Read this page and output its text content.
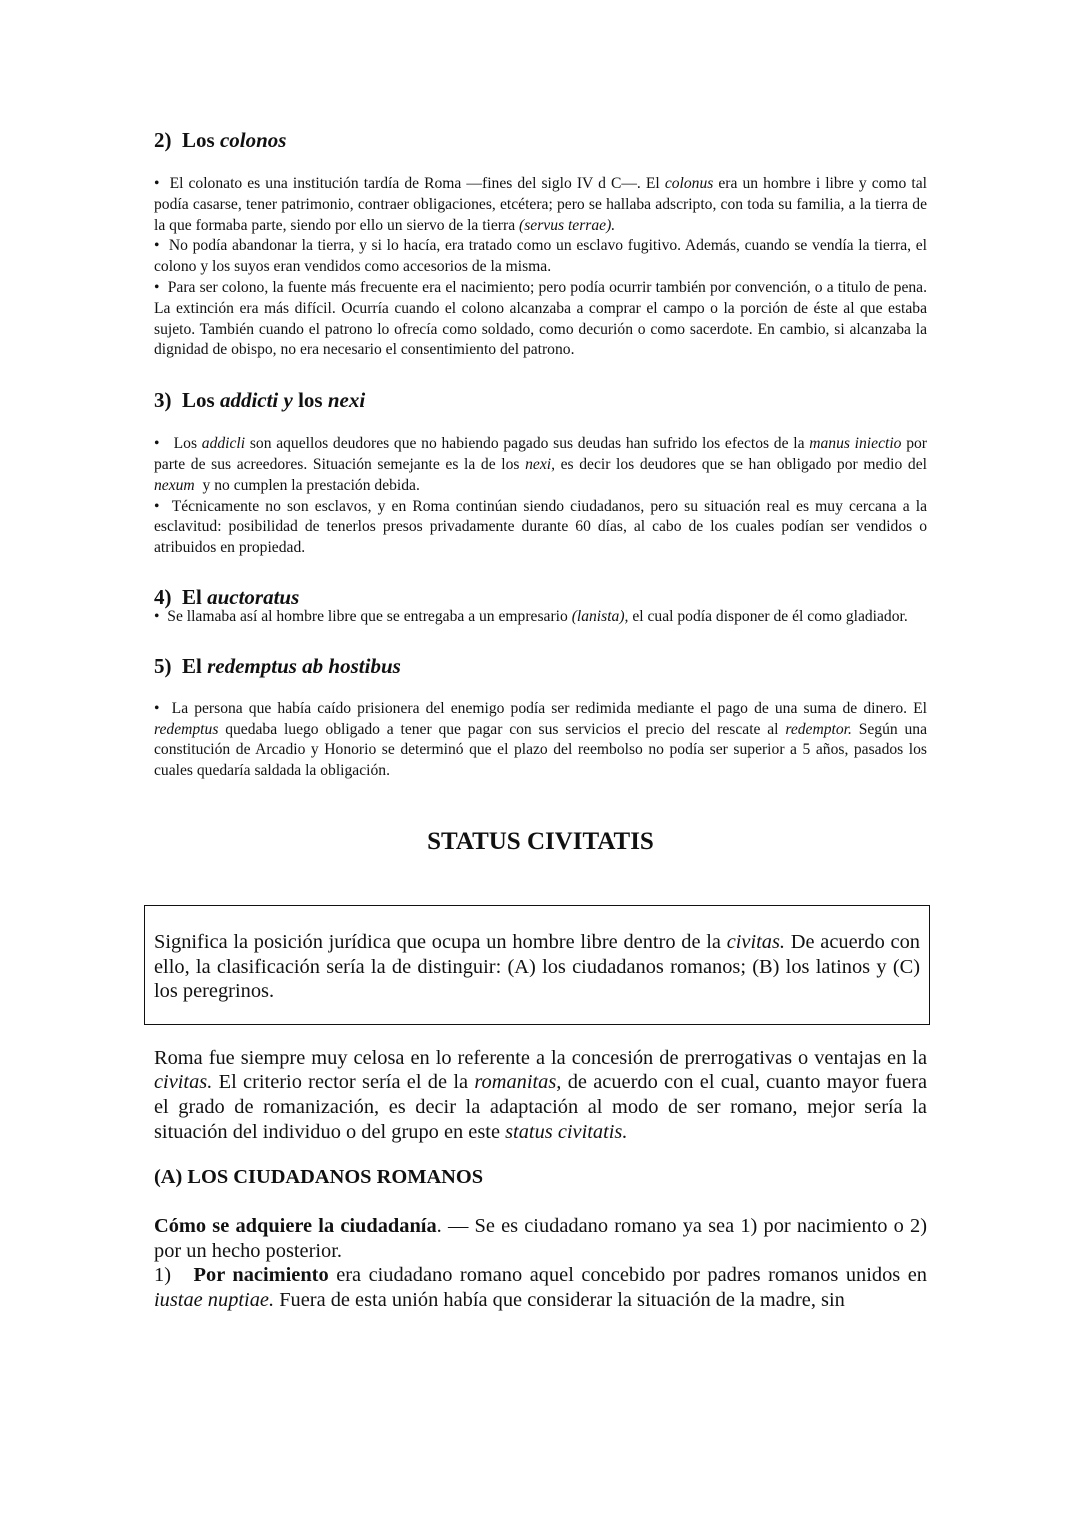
2) Los colonos

• El colonato es una institución tardía de Roma —fines del siglo IV d C—. El colonus era un hombre i libre y como tal podía casarse, tener patrimonio, contraer obligaciones, etcétera; pero se hallaba adscripto, con toda su familia, a la tierra de la que formaba parte, siendo por ello un siervo de la tierra (servus terrae).

• No podía abandonar la tierra, y si lo hacía, era tratado como un esclavo fugitivo. Además, cuando se vendía la tierra, el colono y los suyos eran vendidos como accesorios de la misma.

• Para ser colono, la fuente más frecuente era el nacimiento; pero podía ocurrir también por convención, o a titulo de pena. La extinción era más difícil. Ocurría cuando el colono alcanzaba a comprar el campo o la porción de éste al que estaba sujeto. También cuando el patrono lo ofrecía como soldado, como decurión o como sacerdote. En cambio, si alcanzaba la dignidad de obispo, no era necesario el consentimiento del patrono.

3) Los addicti y los nexi

• Los addicli son aquellos deudores que no habiendo pagado sus deudas han sufrido los efectos de la manus iniectio por parte de sus acreedores. Situación semejante es la de los nexi, es decir los deudores que se han obligado por medio del nexum y no cumplen la prestación debida.

• Técnicamente no son esclavos, y en Roma continúan siendo ciudadanos, pero su situación real es muy cercana a la esclavitud: posibilidad de tenerlos presos privadamente durante 60 días, al cabo de los cuales podían ser vendidos o atribuidos en propiedad.

4) El auctoratus

• Se llamaba así al hombre libre que se entregaba a un empresario (lanista), el cual podía disponer de él como gladiador.

5) El redemptus ab hostibus

• La persona que había caído prisionera del enemigo podía ser redimida mediante el pago de una suma de dinero. El redemptus quedaba luego obligado a tener que pagar con sus servicios el precio del rescate al redemptor. Según una constitución de Arcadio y Honorio se determinó que el plazo del reembolso no podía ser superior a 5 años, pasados los cuales quedaría saldada la obligación.

STATUS CIVITATIS

Significa la posición jurídica que ocupa un hombre libre dentro de la civitas. De acuerdo con ello, la clasificación sería la de distinguir: (A) los ciudadanos romanos; (B) los latinos y (C) los peregrinos.

Roma fue siempre muy celosa en lo referente a la concesión de prerrogativas o ventajas en la civitas. El criterio rector sería el de la romanitas, de acuerdo con el cual, cuanto mayor fuera el grado de romanización, es decir la adaptación al modo de ser romano, mejor sería la situación del individuo o del grupo en este status civitatis.

(A) LOS CIUDADANOS ROMANOS

Cómo se adquiere la ciudadanía. — Se es ciudadano romano ya sea 1) por nacimiento o 2) por un hecho posterior.

1) Por nacimiento era ciudadano romano aquel concebido por padres romanos unidos en iustae nuptiae. Fuera de esta unión había que considerar la situación de la madre, sin
